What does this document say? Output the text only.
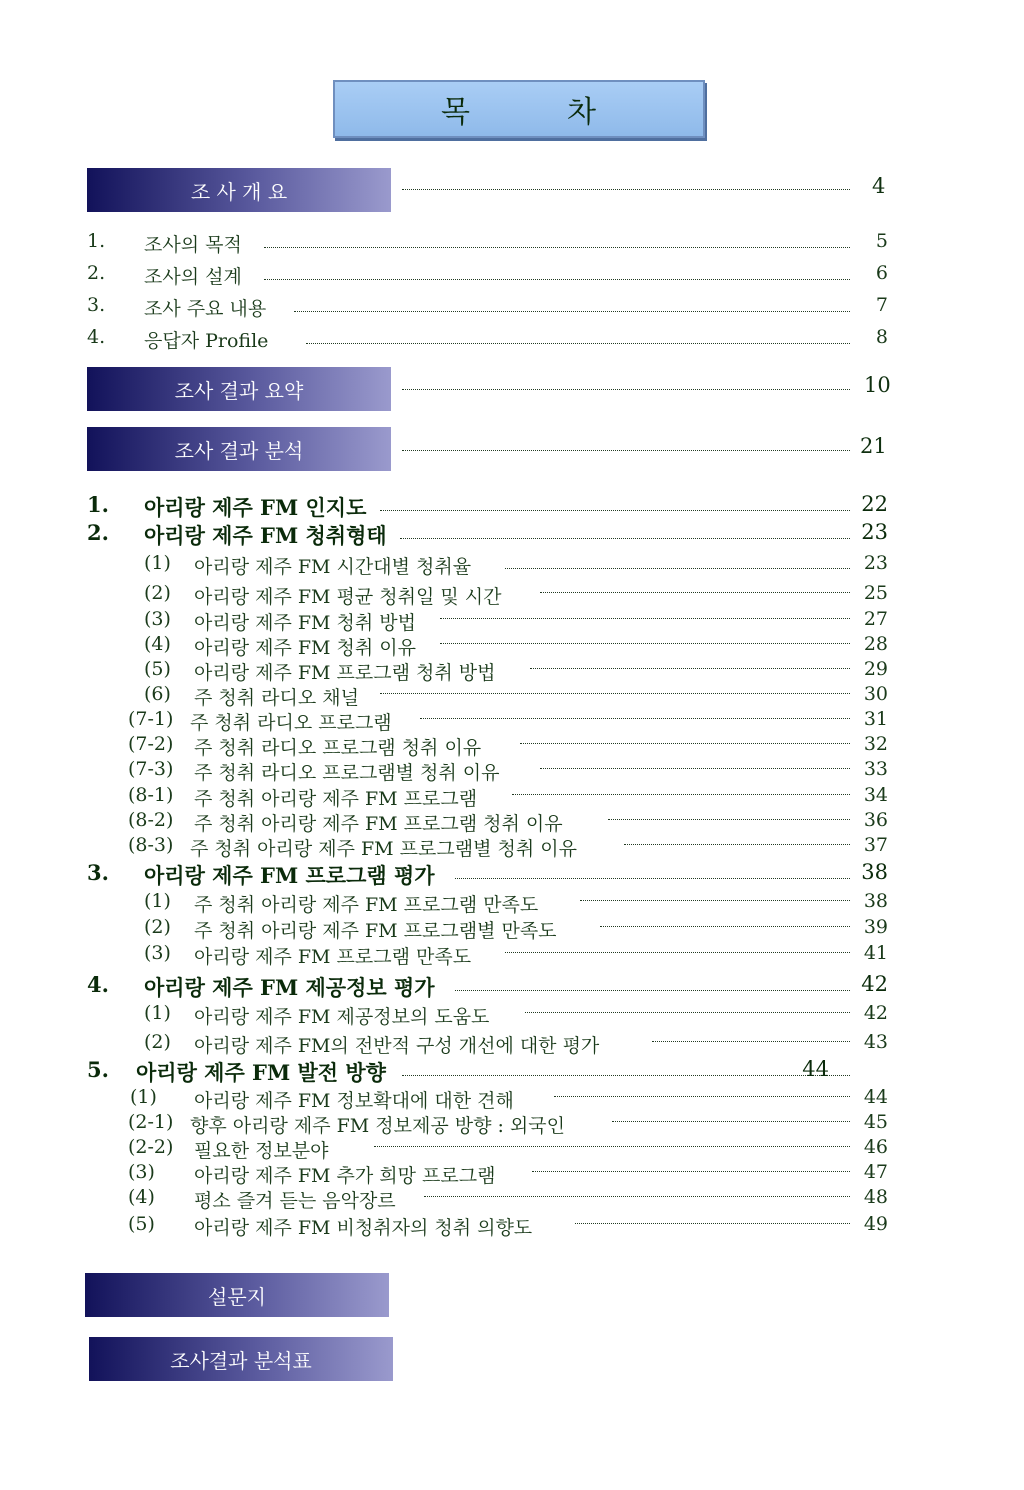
목	차
조 사 개 요	4
1. 조사의 목적	5
2. 조사의 설계	6
3. 조사 주요 내용	7
4. 응답자 Profile	8
조사 결과 요약	10
조사 결과 분석	21
1. 아리랑 제주 FM 인지도	22
2. 아리랑 제주 FM 청취형태	23
(1) 아리랑 제주 FM 시간대별 청취율	23
(2) 아리랑 제주 FM 평균 청취일 및 시간	25
(3) 아리랑 제주 FM 청취 방법	27
(4) 아리랑 제주 FM 청취 이유	28
(5) 아리랑 제주 FM 프로그램 청취 방법	29
(6) 주 청취 라디오 채널	30
(7-1) 주 청취 라디오 프로그램	31
(7-2) 주 청취 라디오 프로그램 청취 이유	32
(7-3) 주 청취 라디오 프로그램별 청취 이유	33
(8-1) 주 청취 아리랑 제주 FM 프로그램	34
(8-2) 주 청취 아리랑 제주 FM 프로그램 청취 이유	36
(8-3) 주 청취 아리랑 제주 FM 프로그램별 청취 이유	37
3. 아리랑 제주 FM 프로그램 평가	38
(1) 주 청취 아리랑 제주 FM 프로그램 만족도	38
(2) 주 청취 아리랑 제주 FM 프로그램별 만족도	39
(3) 아리랑 제주 FM 프로그램 만족도	41
4. 아리랑 제주 FM 제공정보 평가	42
(1) 아리랑 제주 FM 제공정보의 도움도	42
(2) 아리랑 제주 FM의 전반적 구성 개선에 대한 평가	43
5. 아리랑 제주 FM 발전 방향	44
(1) 아리랑 제주 FM 정보확대에 대한 견해	44
(2-1) 향후 아리랑 제주 FM 정보제공 방향 : 외국인	45
(2-2) 필요한 정보분야	46
(3) 아리랑 제주 FM 추가 희망 프로그램	47
(4) 평소 즐겨 듣는 음악장르	48
(5) 아리랑 제주 FM 비청취자의 청취 의향도	49
설문지
조사결과 분석표
